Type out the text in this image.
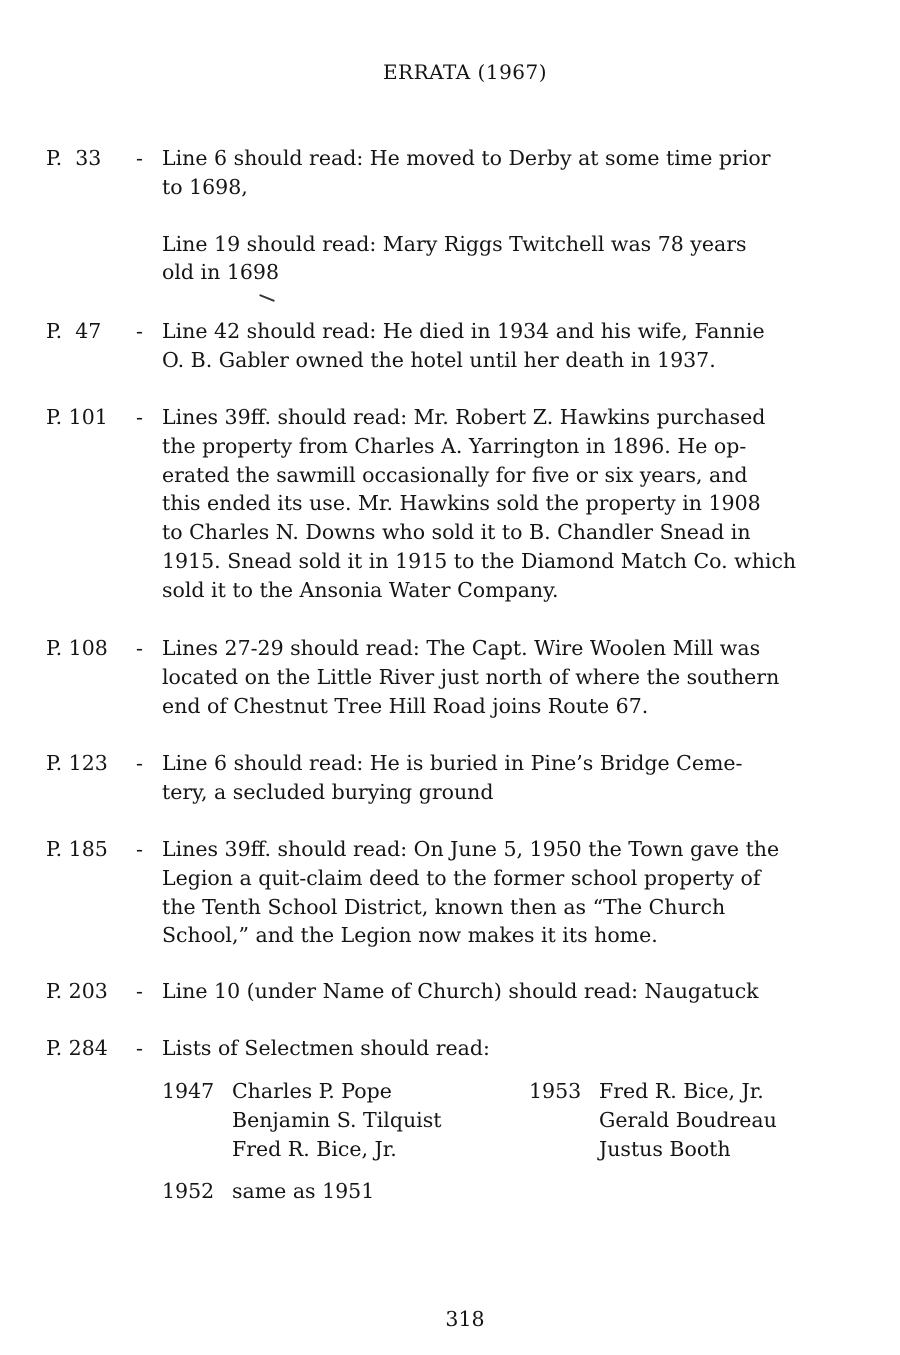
ERRATA (1967)
P.  33 - Line 6 should read: He moved to Derby at some time prior

to 1698,

Line 19 should read: Mary Riggs Twitchell was 78 years

old in 1698

P.  47 - Line 42 should read: He died in 1934 and his wife, Fannie

O. B. Gabler owned the hotel until her death in 1937.

P. 101 - Lines 39ff. should read: Mr. Robert Z. Hawkins purchased

the property from Charles A. Yarrington in 1896. He op-

erated the sawmill occasionally for five or six years, and

this ended its use. Mr. Hawkins sold the property in 1908

to Charles N. Downs who sold it to B. Chandler Snead in

1915. Snead sold it in 1915 to the Diamond Match Co. which

sold it to the Ansonia Water Company.

P. 108 - Lines 27-29 should read: The Capt. Wire Woolen Mill was

located on the Little River just north of where the southern

end of Chestnut Tree Hill Road joins Route 67.

P. 123 - Line 6 should read: He is buried in Pine’s Bridge Ceme-

tery, a secluded burying ground

P. 185 - Lines 39ff. should read: On June 5, 1950 the Town gave the

Legion a quit-claim deed to the former school property of

the Tenth School District, known then as “The Church

School,” and the Legion now makes it its home.

P. 203 - Line 10 (under Name of Church) should read: Naugatuck

P. 284 - Lists of Selectmen should read:

1947 Charles P. Pope
Benjamin S. Tilquist
Fred R. Bice, Jr.
1953 Fred R. Bice, Jr.
Gerald Boudreau
Justus Booth
1952 same as 1951
318
